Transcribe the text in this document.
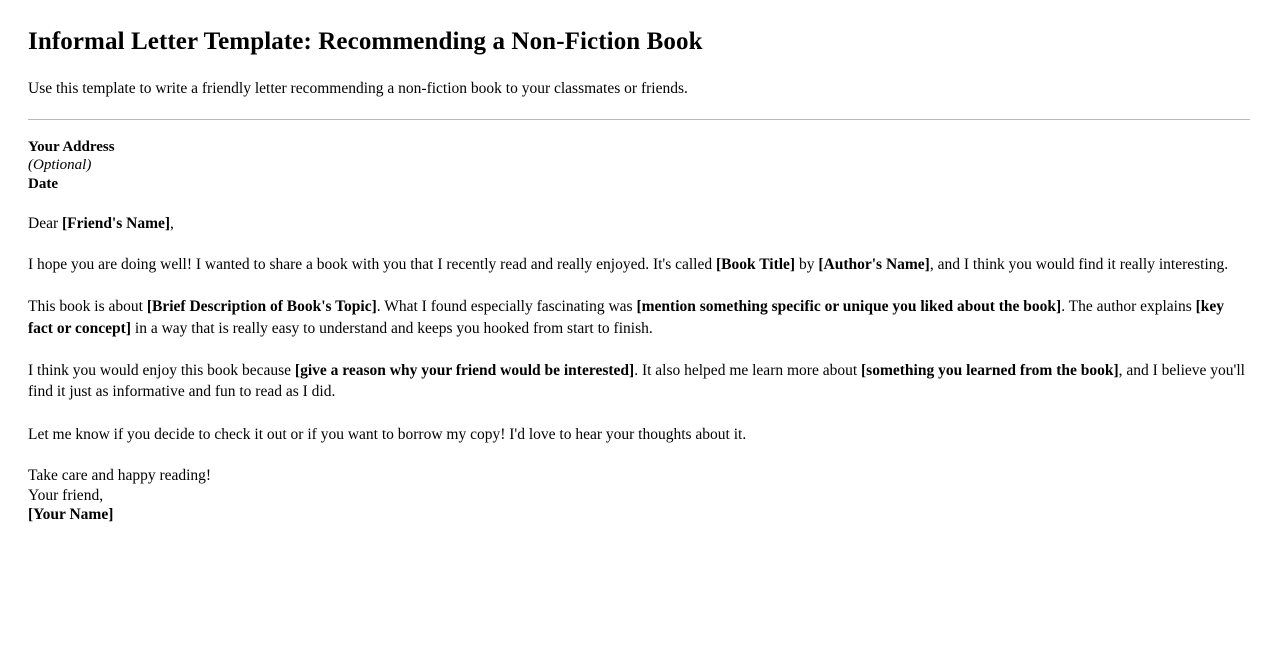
Informal Letter Template: Recommending a Non-Fiction Book

Use this template to write a friendly letter recommending a non-fiction book to your classmates or friends.

Your Address
(Optional)
Date
Dear [Friend's Name],
I hope you are doing well! I wanted to share a book with you that I recently read and really enjoyed. It's called [Book Title] by [Author's Name], and I think you would find it really interesting.
This book is about [Brief Description of Book's Topic]. What I found especially fascinating was [mention something specific or unique you liked about the book]. The author explains [key fact or concept] in a way that is really easy to understand and keeps you hooked from start to finish.
I think you would enjoy this book because [give a reason why your friend would be interested]. It also helped me learn more about [something you learned from the book], and I believe you'll find it just as informative and fun to read as I did.
Let me know if you decide to check it out or if you want to borrow my copy! I'd love to hear your thoughts about it.
Take care and happy reading!
Your friend,
[Your Name]
